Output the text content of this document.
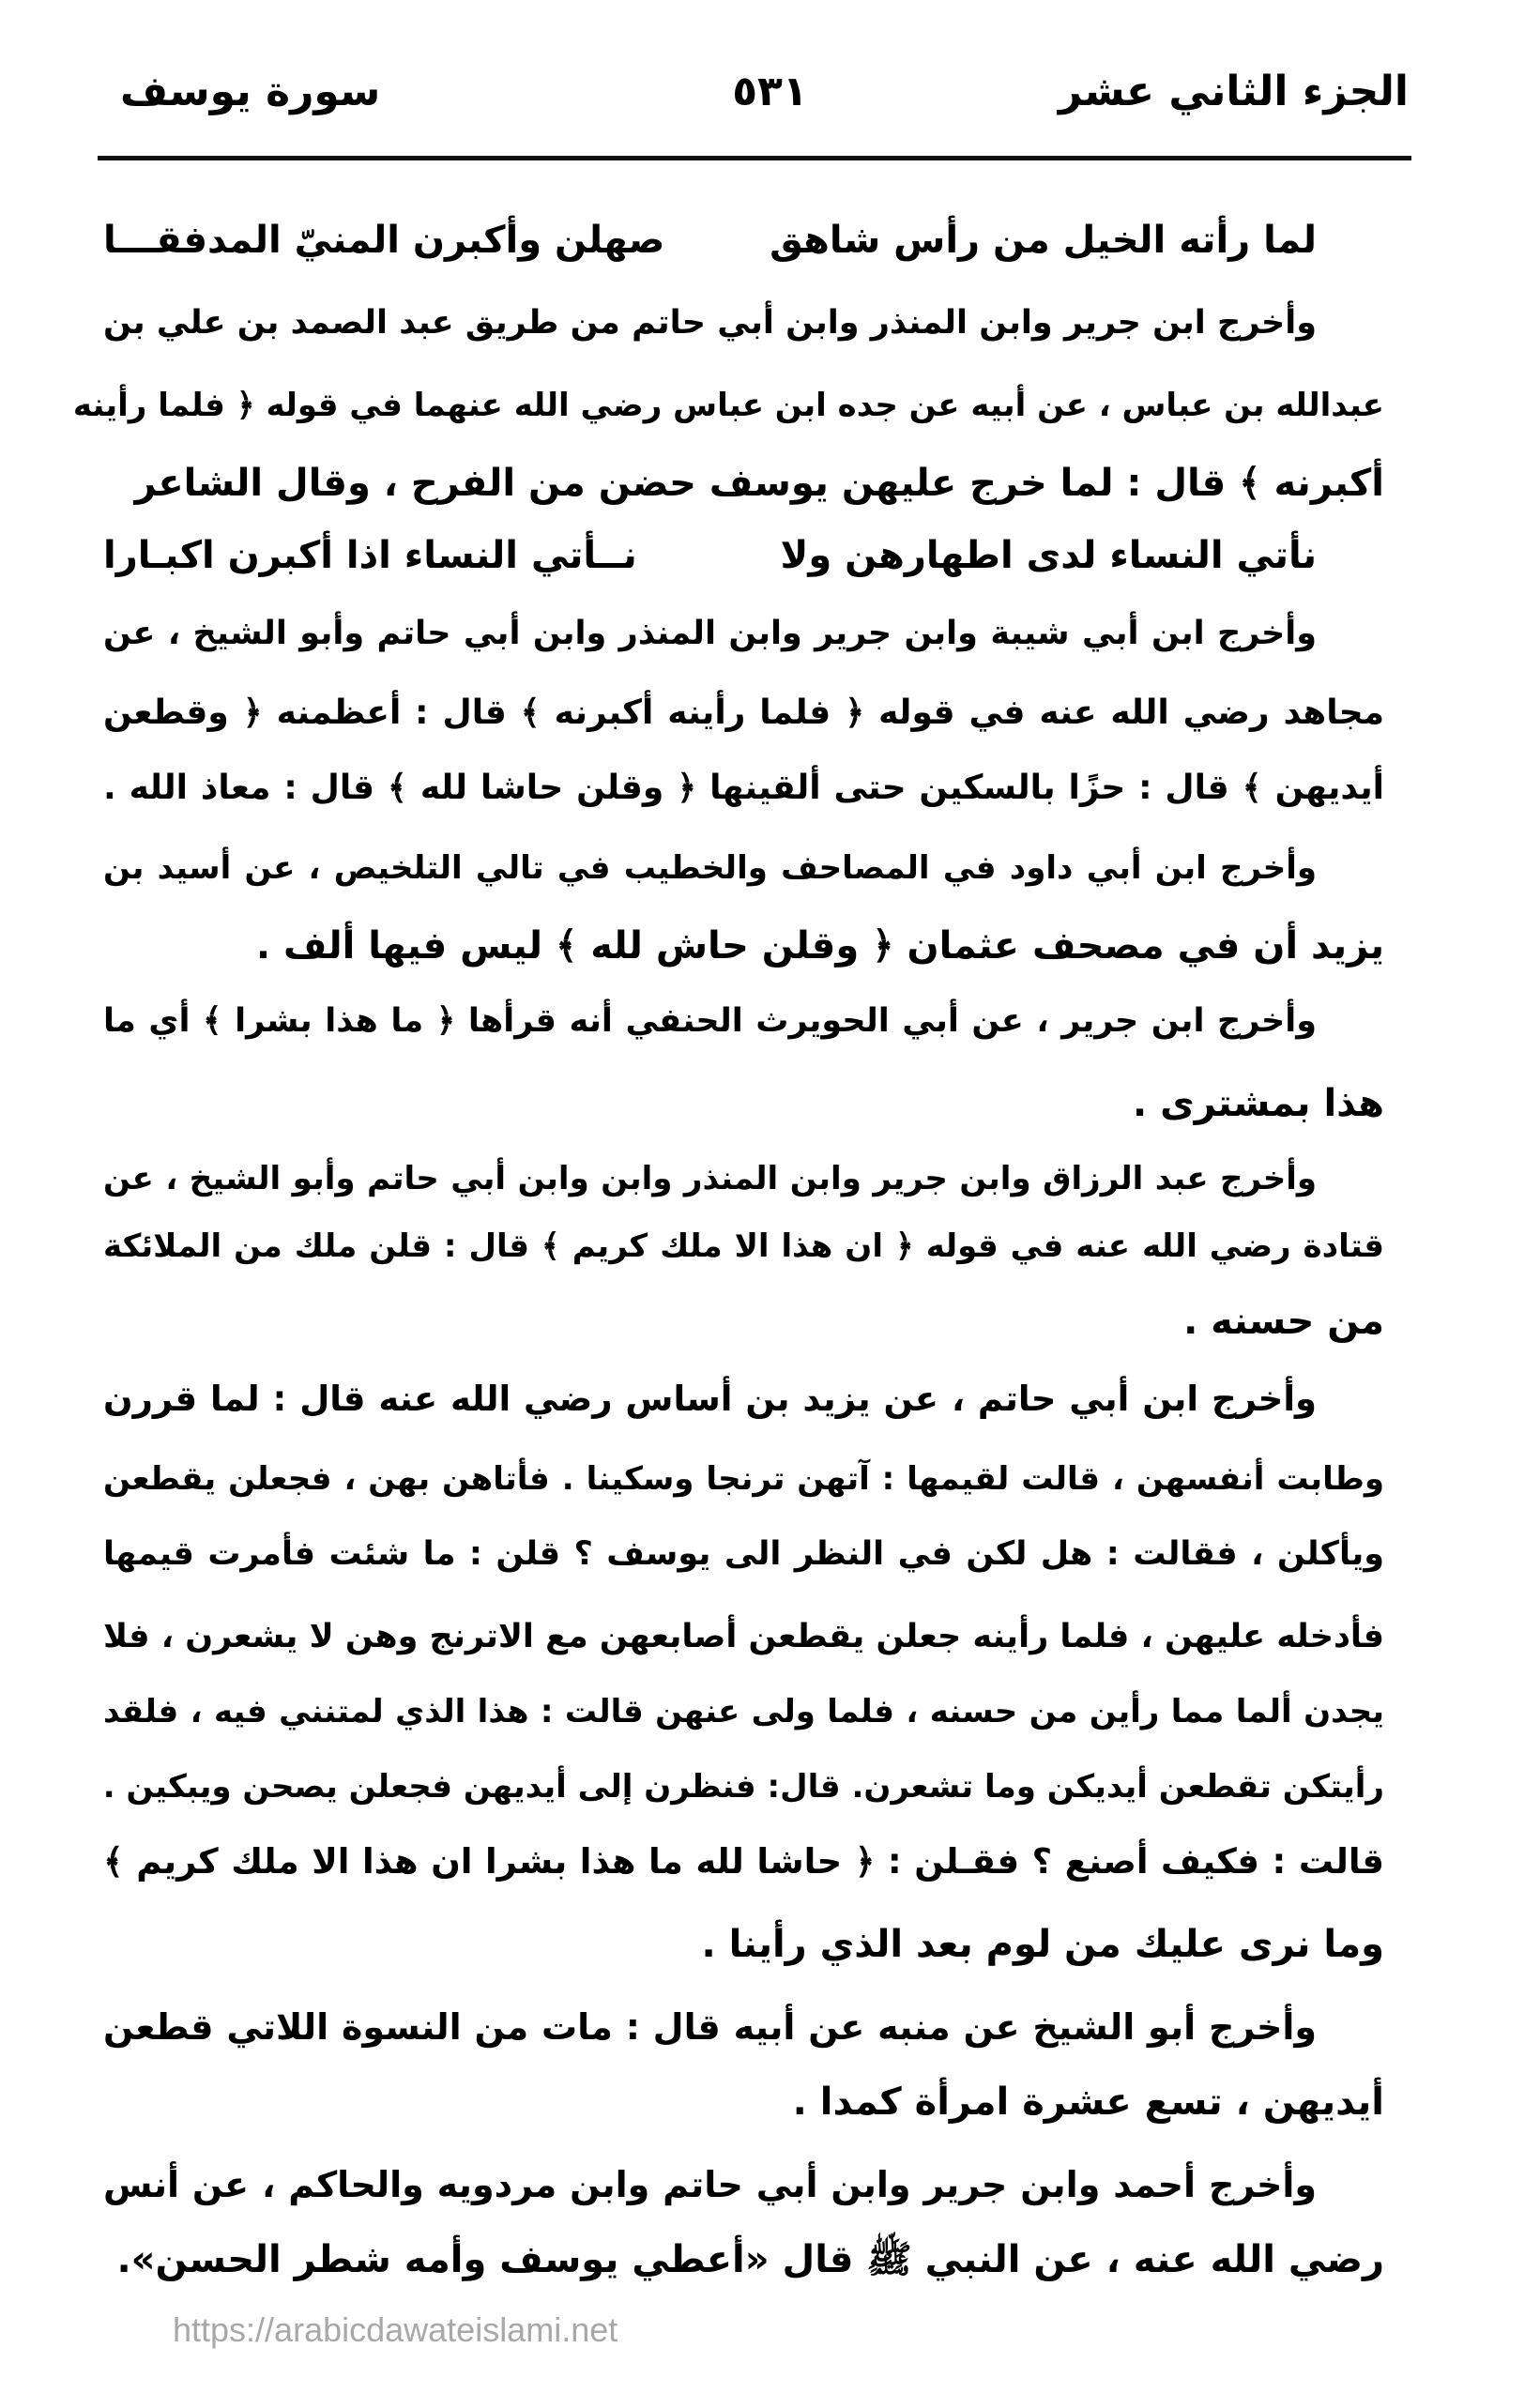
الجزء الثاني عشر
٥٣١
سورة يوسف
لما رأته الخيل من رأس شاهق
صهلن وأكبرن المنيّ المدفقـــا
وأخرج ابن جرير وابن المنذر وابن أبي حاتم من طريق عبد الصمد بن علي بن
عبدالله بن عباس ، عن أبيه عن جده ابن عباس رضي الله عنهما في قوله ﴿ فلما رأينه
أكبرنه ﴾ قال : لما خرج عليهن يوسف حضن من الفرح ، وقال الشاعر
نأتي النساء لدى اطهارهن ولا
نــأتي النساء اذا أكبرن اكبـارا
وأخرج ابن أبي شيبة وابن جرير وابن المنذر وابن أبي حاتم وأبو الشيخ ، عن
مجاهد رضي الله عنه في قوله ﴿ فلما رأينه أكبرنه ﴾ قال : أعظمنه ﴿ وقطعن
أيديهن ﴾ قال : حزًا بالسكين حتى ألقينها ﴿ وقلن حاشا لله ﴾ قال : معاذ الله .
وأخرج ابن أبي داود في المصاحف والخطيب في تالي التلخيص ، عن أسيد بن
يزيد أن في مصحف عثمان ﴿ وقلن حاش لله ﴾ ليس فيها ألف .
وأخرج ابن جرير ، عن أبي الحويرث الحنفي أنه قرأها ﴿ ما هذا بشرا ﴾ أي ما
هذا بمشترى .
وأخرج عبد الرزاق وابن جرير وابن المنذر وابن وابن أبي حاتم وأبو الشيخ ، عن
قتادة رضي الله عنه في قوله ﴿ ان هذا الا ملك كريم ﴾ قال : قلن ملك من الملائكة
من حسنه .
وأخرج ابن أبي حاتم ، عن يزيد بن أساس رضي الله عنه قال : لما قررن
وطابت أنفسهن ، قالت لقيمها : آتهن ترنجا وسكينا . فأتاهن بهن ، فجعلن يقطعن
ويأكلن ، فقالت : هل لكن في النظر الى يوسف ؟ قلن : ما شئت فأمرت قيمها
فأدخله عليهن ، فلما رأينه جعلن يقطعن أصابعهن مع الاترنج وهن لا يشعرن ، فلا
يجدن ألما مما رأين من حسنه ، فلما ولى عنهن قالت : هذا الذي لمتنني فيه ، فلقد
رأيتكن تقطعن أيديكن وما تشعرن. قال: فنظرن إلى أيديهن فجعلن يصحن ويبكين .
قالت : فكيف أصنع ؟ فقـلن : ﴿ حاشا لله ما هذا بشرا ان هذا الا ملك كريم ﴾
وما نرى عليك من لوم بعد الذي رأينا .
وأخرج أبو الشيخ عن منبه عن أبيه قال : مات من النسوة اللاتي قطعن
أيديهن ، تسع عشرة امرأة كمدا .
وأخرج أحمد وابن جرير وابن أبي حاتم وابن مردويه والحاكم ، عن أنس
رضي الله عنه ، عن النبي ﷺ قال «أعطي يوسف وأمه شطر الحسن».
https://arabicdawateislami.net
